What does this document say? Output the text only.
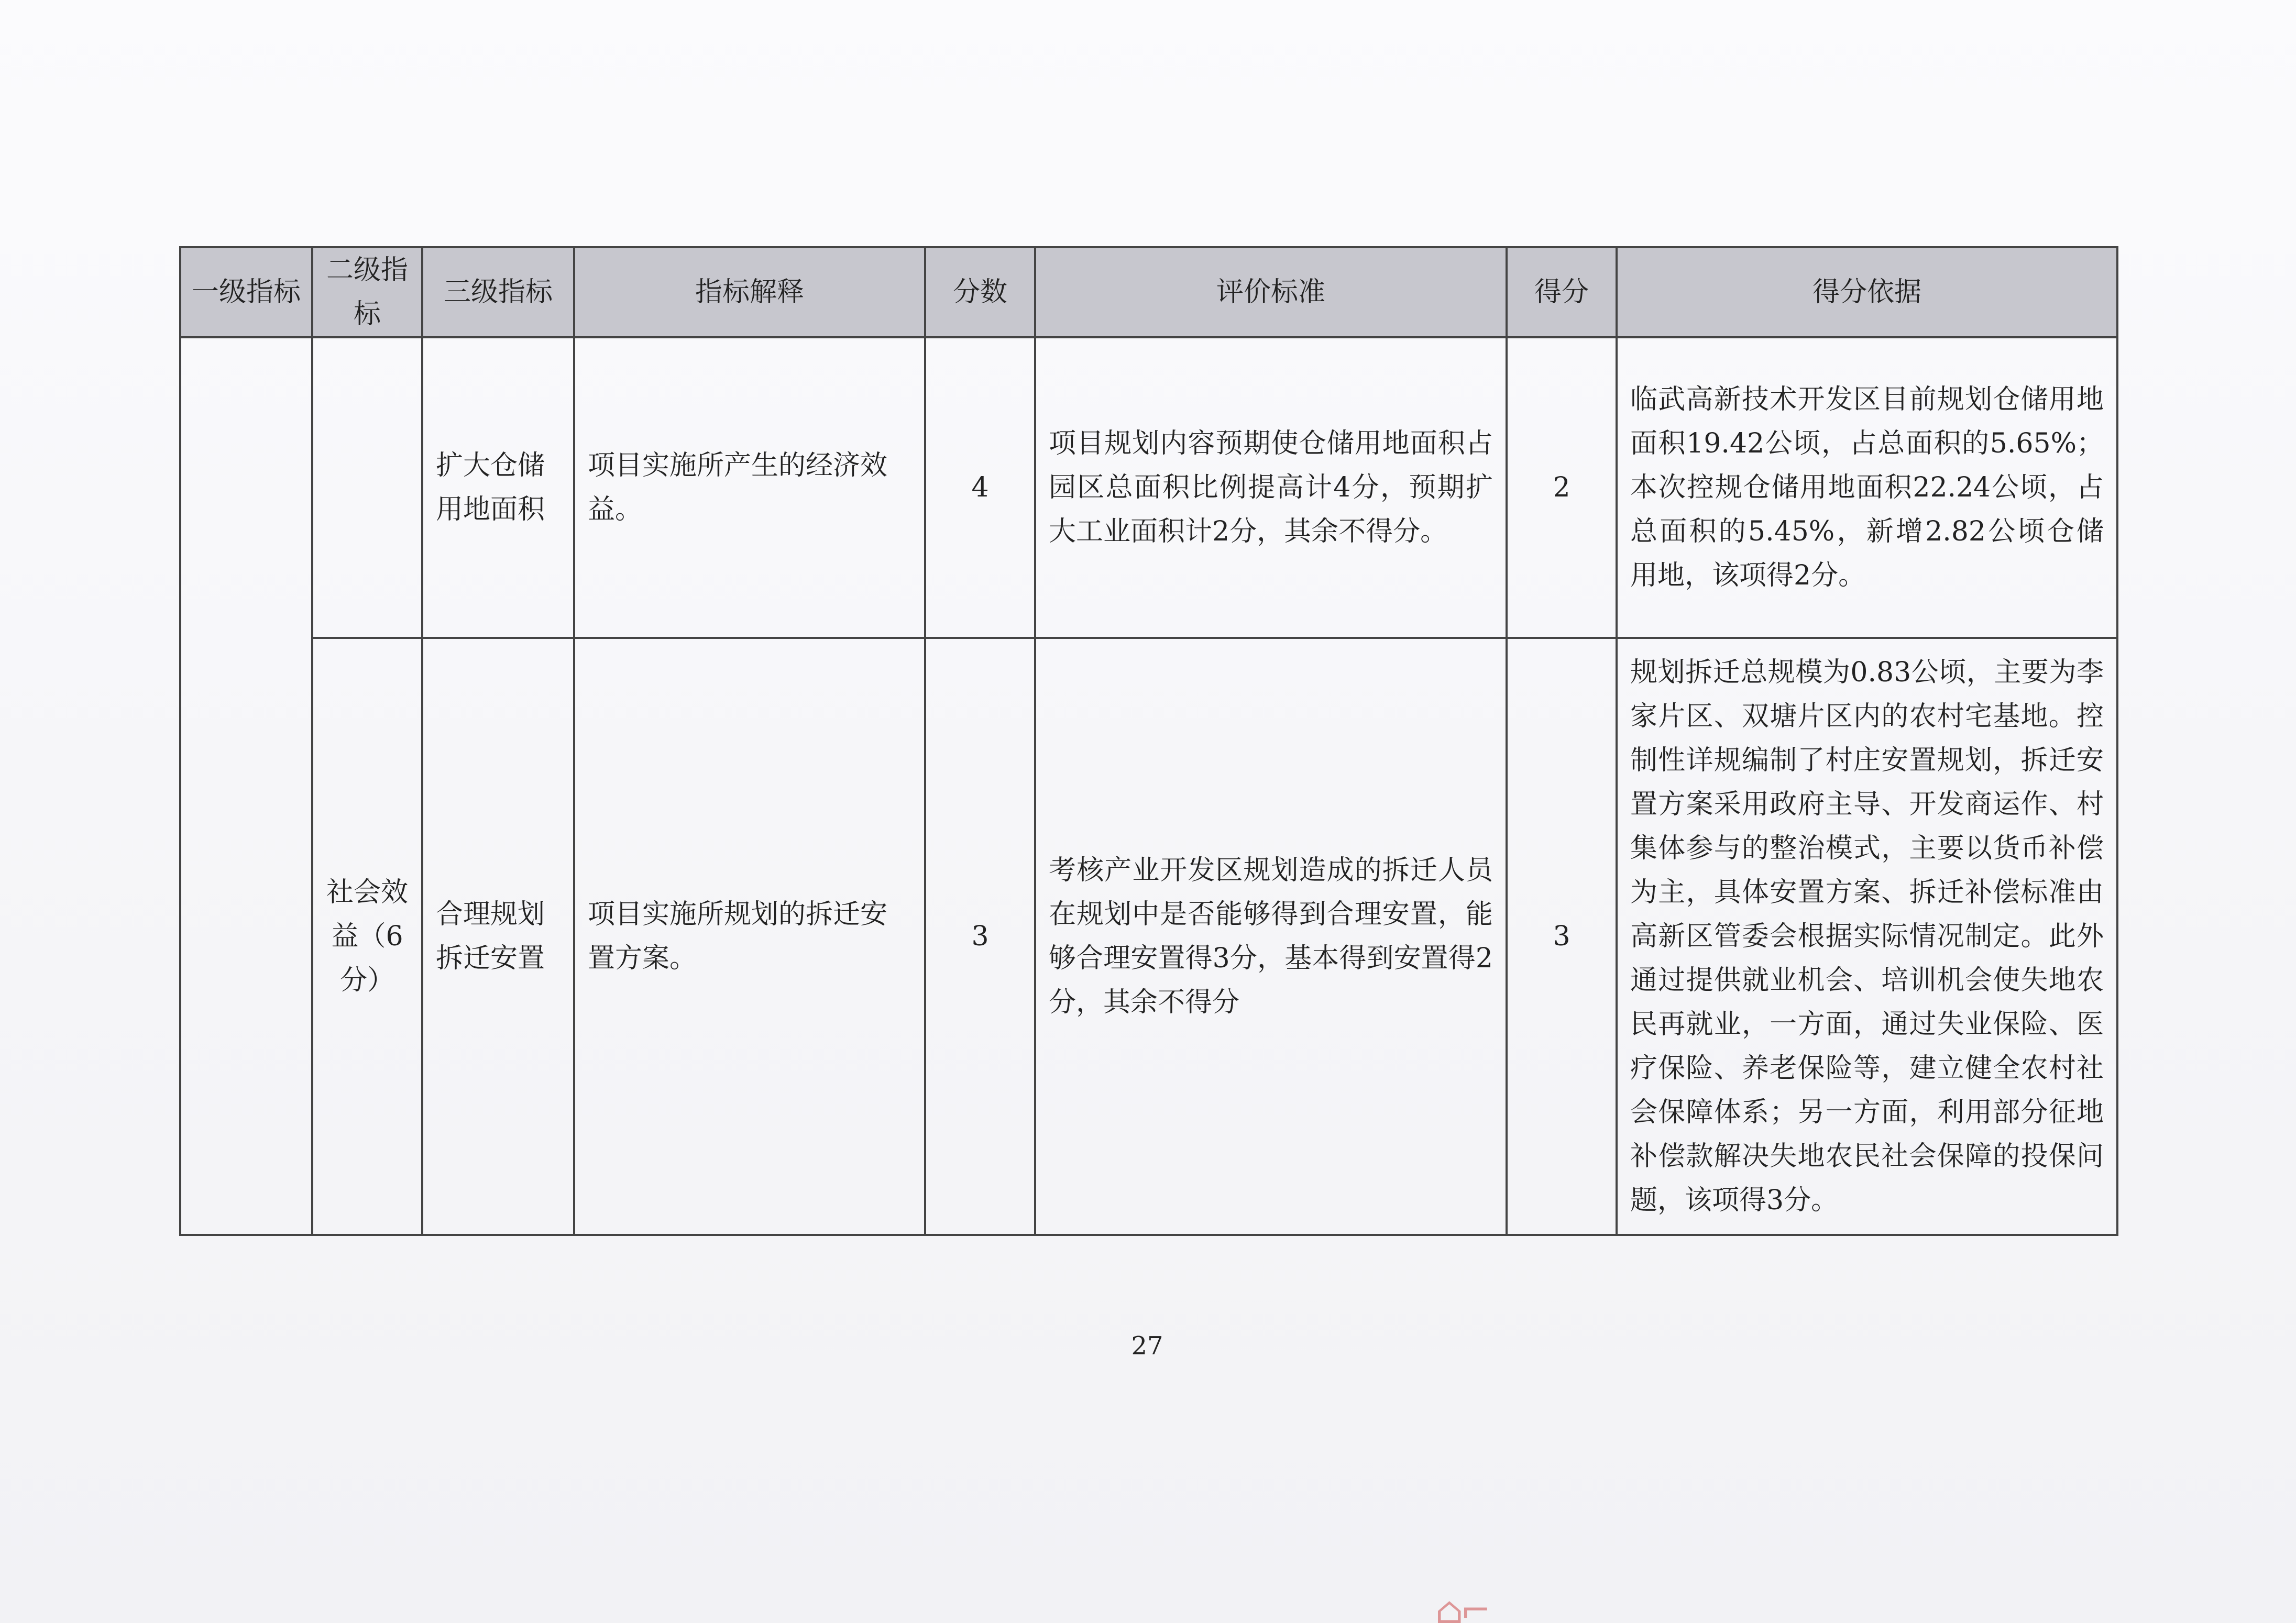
一级指标	二级指标	三级指标	指标解释	分数	评价标准	得分	得分依据
		扩大仓储用地面积	项目实施所产生的经济效益。	4	项目规划内容预期使仓储用地面积占园区总面积比例提高计4分，预期扩大工业面积计2分，其余不得分。	2	临武高新技术开发区目前规划仓储用地面积19.42公顷，占总面积的5.65%；本次控规仓储用地面积22.24公顷，占总面积的5.45%，新增2.82公顷仓储用地，该项得2分。
	社会效益（6分）	合理规划拆迁安置	项目实施所规划的拆迁安置方案。	3	考核产业开发区规划造成的拆迁人员在规划中是否能够得到合理安置，能够合理安置得3分，基本得到安置得2分，其余不得分	3	规划拆迁总规模为0.83公顷，主要为李家片区、双塘片区内的农村宅基地。控制性详规编制了村庄安置规划，拆迁安置方案采用政府主导、开发商运作、村集体参与的整治模式，主要以货币补偿为主，具体安置方案、拆迁补偿标准由高新区管委会根据实际情况制定。此外通过提供就业机会、培训机会使失地农民再就业，一方面，通过失业保险、医疗保险、养老保险等，建立健全农村社会保障体系；另一方面，利用部分征地补偿款解决失地农民社会保障的投保问题，该项得3分。
27
⌂⌐
